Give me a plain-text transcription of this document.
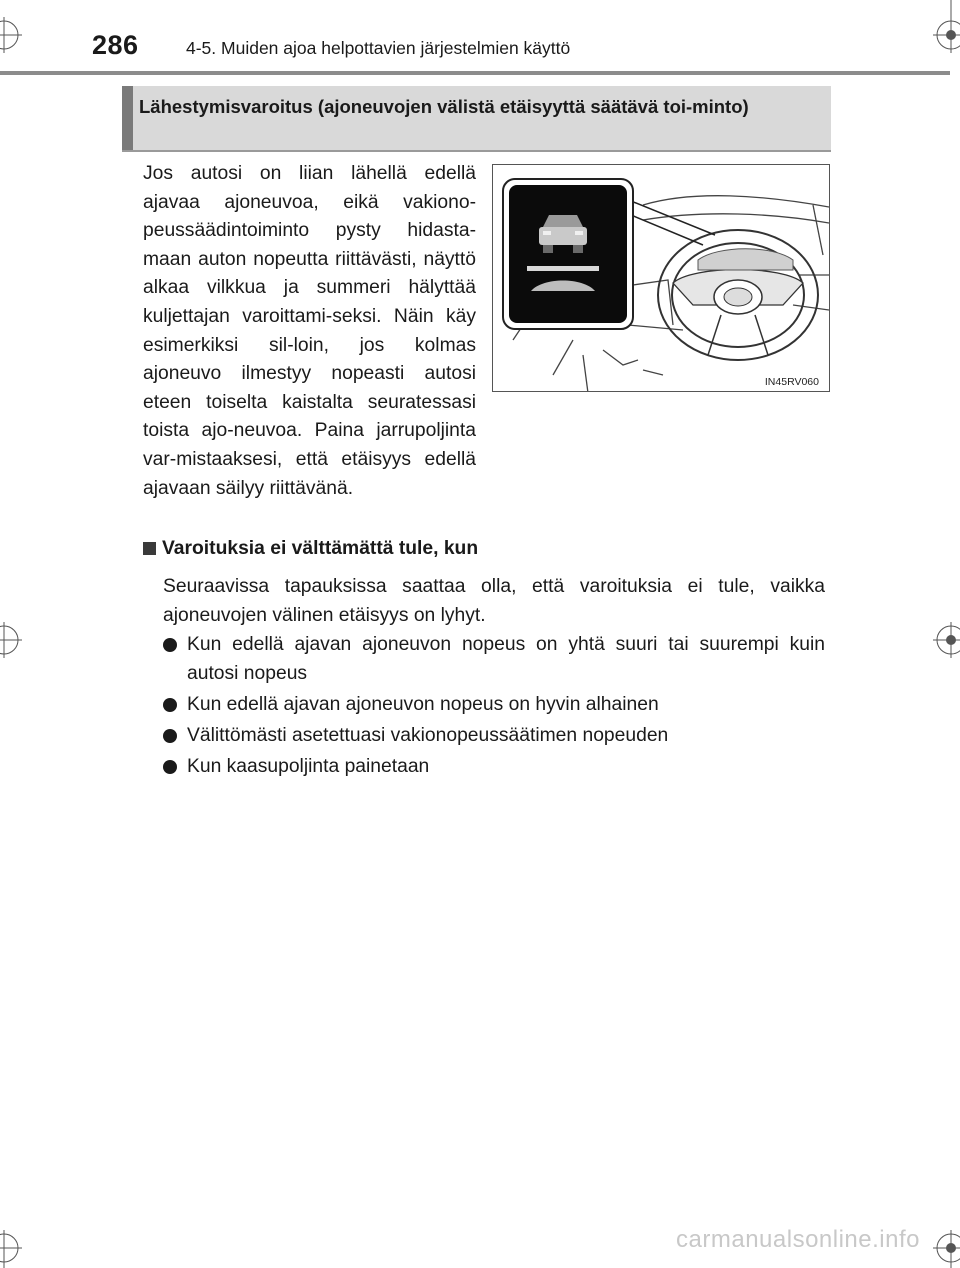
286	4-5. Muiden ajoa helpottavien järjestelmien käyttö
Lähestymisvaroitus (ajoneuvojen välistä etäisyyttä säätävä toi-minto)
Jos autosi on liian lähellä edellä ajavaa ajoneuvoa, eikä vakiono-peussäädintoiminto pysty hidasta-maan auton nopeutta riittävästi, näyttö alkaa vilkkua ja summeri hälyttää kuljettajan varoittami-seksi. Näin käy esimerkiksi sil-loin, jos kolmas ajoneuvo ilmestyy nopeasti autosi eteen toiselta kaistalta seuratessasi toista ajo-neuvoa. Paina jarrupoljinta var-mistaaksesi, että etäisyys edellä ajavaan säilyy riittävänä.
IN45RV060
Varoituksia ei välttämättä tule, kun
Seuraavissa tapauksissa saattaa olla, että varoituksia ei tule, vaikka ajoneuvojen välinen etäisyys on lyhyt.
Kun edellä ajavan ajoneuvon nopeus on yhtä suuri tai suurempi kuin autosi nopeus
Kun edellä ajavan ajoneuvon nopeus on hyvin alhainen
Välittömästi asetettuasi vakionopeussäätimen nopeuden
Kun kaasupoljinta painetaan
carmanualsonline.info
